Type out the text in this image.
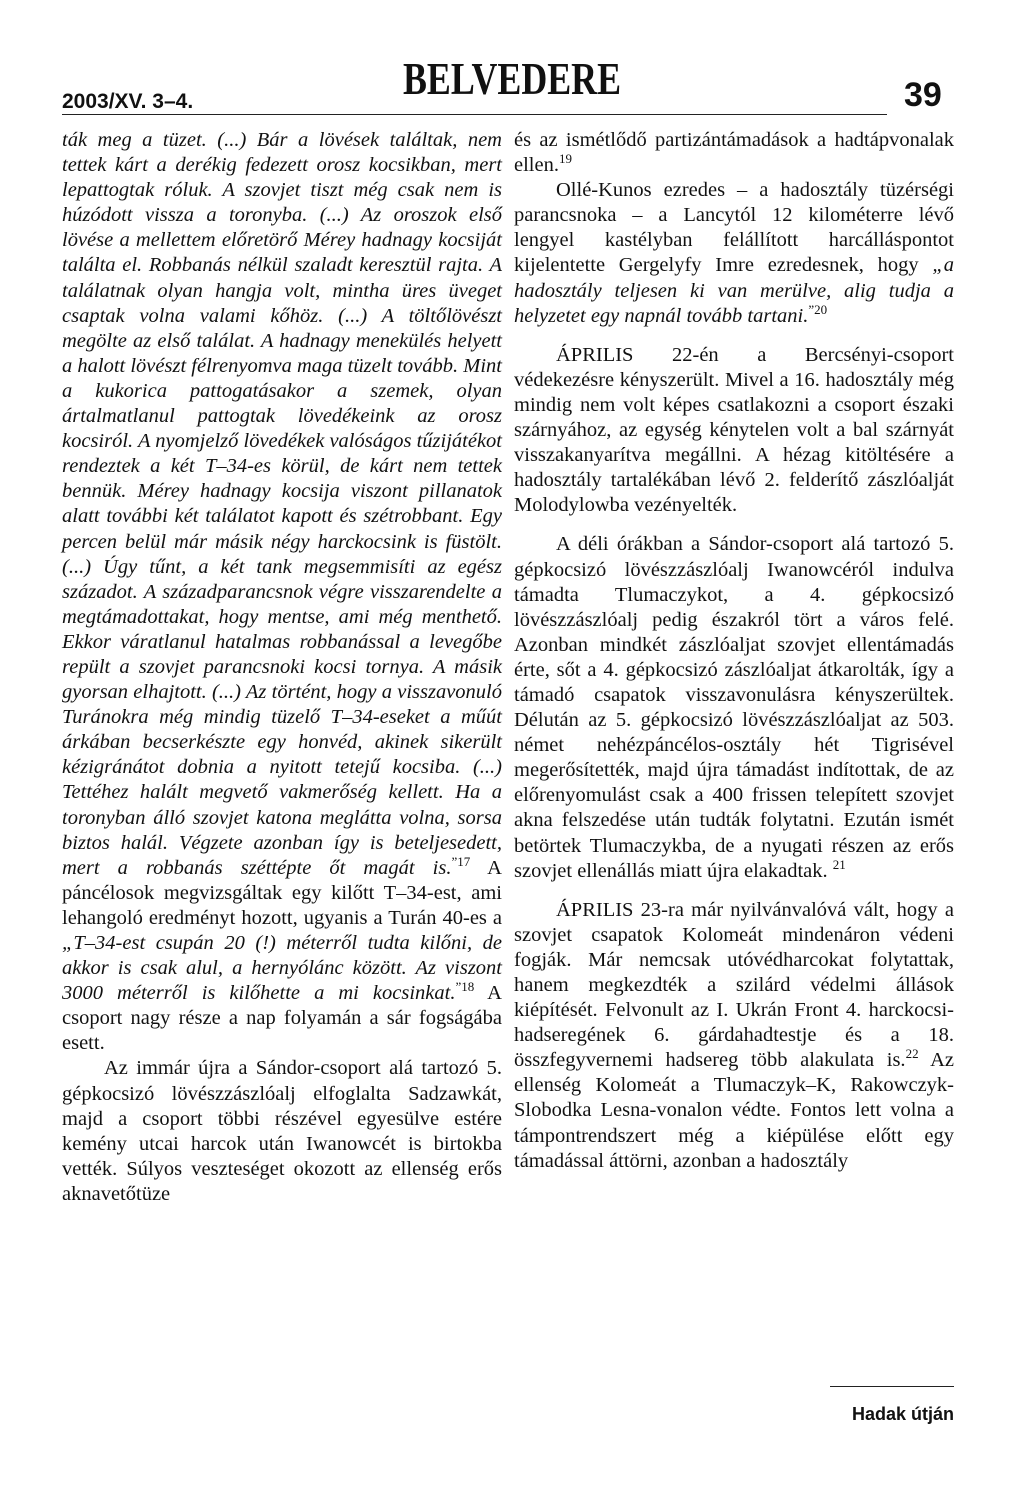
2003/XV. 3–4.	BELVEDERE	39

ták meg a tüzet. (...) Bár a lövések találtak, nem tettek kárt a derékig fedezett orosz kocsikban, mert lepattogtak róluk. A szovjet tiszt még csak nem is húzódott vissza a toronyba. (...) Az oroszok első lövése a mellettem előretörő Mérey hadnagy kocsiját találta el. Robbanás nélkül szaladt keresztül rajta. A találatnak olyan hangja volt, mintha üres üveget csaptak volna valami kőhöz. (...) A töltőlövészt megölte az első találat. A hadnagy menekülés helyett a halott lövészt félrenyomva maga tüzelt tovább. Mint a kukorica pattogatásakor a szemek, olyan ártalmatlanul pattogtak lövedékeink az orosz kocsiról. A nyomjelző lövedékek valóságos tűzijátékot rendeztek a két T–34-es körül, de kárt nem tettek bennük. Mérey hadnagy kocsija viszont pillanatok alatt további két találatot kapott és szétrobbant. Egy percen belül már másik négy harckocsink is füstölt. (...) Úgy tűnt, a két tank megsemmisíti az egész századot. A századparancsnok végre visszarendelte a megtámadottakat, hogy mentse, ami még menthető. Ekkor váratlanul hatalmas robbanással a levegőbe repült a szovjet parancsnoki kocsi tornya. A másik gyorsan elhajtott. (...) Az történt, hogy a visszavonuló Turánokra még mindig tüzelő T–34-eseket a műút árkában becserkészte egy honvéd, akinek sikerült kézigránátot dobnia a nyitott tetejű kocsiba. (...) Tettéhez halált megvető vakmerőség kellett. Ha a toronyban álló szovjet katona meglátta volna, sorsa biztos halál. Végzete azonban így is beteljesedett, mert a robbanás széttépte őt magát is.$^{”17}$ A páncélosok megvizsgáltak egy kilőtt T–34-est, ami lehangoló eredményt hozott, ugyanis a Turán 40-es a „T–34-est csupán 20 (!) méterről tudta kilőni, de akkor is csak alul, a hernyólánc között. Az viszont 3000 méterről is kilőhette a mi kocsinkat.$^{”18}$ A csoport nagy része a nap folyamán a sár fogságába esett.

Az immár újra a Sándor-csoport alá tartozó 5. gépkocsizó lövészzászlóalj elfoglalta Sadzawkát, majd a csoport többi részével egyesülve estére kemény utcai harcok után Iwanowcét is birtokba vették. Súlyos veszteséget okozott az ellenség erős aknavetőtüze

és az ismétlődő partizántámadások a hadtápvonalak ellen.$^{19}$

Ollé-Kunos ezredes – a hadosztály tüzérségi parancsnoka – a Lancytól 12 kilométerre lévő lengyel kastélyban felállított harcálláspontot kijelentette Gergelyfy Imre ezredesnek, hogy „a hadosztály teljesen ki van merülve, alig tudja a helyzetet egy napnál tovább tartani.$^{”20}$

ÁPRILIS 22-én a Bercsényi-csoport védekezésre kényszerült. Mivel a 16. hadosztály még mindig nem volt képes csatlakozni a csoport északi szárnyához, az egység kénytelen volt a bal szárnyát visszakanyarítva megállni. A hézag kitöltésére a hadosztály tartalékában lévő 2. felderítő zászlóalját Molodylowba vezényelték.

A déli órákban a Sándor-csoport alá tartozó 5. gépkocsizó lövészzászlóalj Iwanowcéról indulva támadta Tlumaczykot, a 4. gépkocsizó lövészzászlóalj pedig északról tört a város felé. Azonban mindkét zászlóaljat szovjet ellentámadás érte, sőt a 4. gépkocsizó zászlóaljat átkarolták, így a támadó csapatok visszavonulásra kényszerültek. Délután az 5. gépkocsizó lövészzászlóaljat az 503. német nehézpáncélos-osztály hét Tigrisével megerősítették, majd újra támadást indítottak, de az előrenyomulást csak a 400 frissen telepített szovjet akna felszedése után tudták folytatni. Ezután ismét betörtek Tlumaczykba, de a nyugati részen az erős szovjet ellenállás miatt újra elakadtak. $^{21}$

ÁPRILIS 23-ra már nyilvánvalóvá vált, hogy a szovjet csapatok Kolomeát mindenáron védeni fogják. Már nemcsak utóvédharcokat folytattak, hanem megkezdték a szilárd védelmi állások kiépítését. Felvonult az I. Ukrán Front 4. harckocsi-hadseregének 6. gárdahadtestje és a 18. összfegyvernemi hadsereg több alakulata is.$^{22}$ Az ellenség Kolomeát a Tlumaczyk–K, Rakowczyk-Slobodka Lesna-vonalon védte. Fontos lett volna a támpontrendszert még a kiépülése előtt egy támadással áttörni, azonban a hadosztály

Hadak útján
